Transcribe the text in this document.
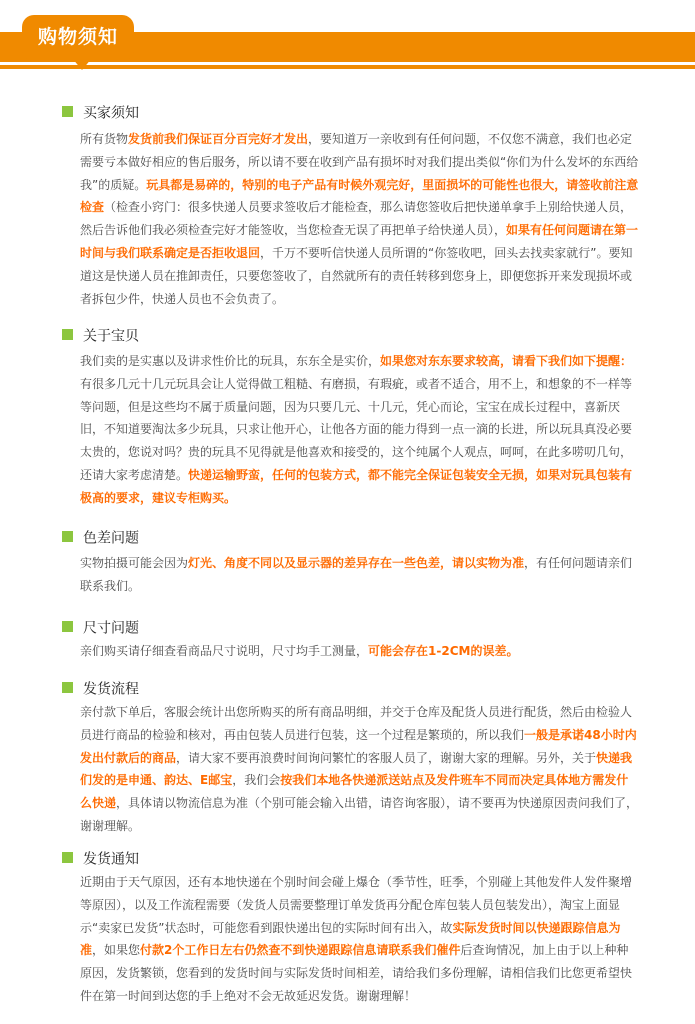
购物须知
买家须知
所有货物发货前我们保证百分百完好才发出，要知道万一亲收到有任何问题，不仅您不满意，我们也必定需要亏本做好相应的售后服务，所以请不要在收到产品有损坏时对我们提出类似“你们为什么发坏的东西给我”的质疑。玩具都是易碎的，特别的电子产品有时候外观完好，里面损坏的可能性也很大，请签收前注意检查（检查小窍门：很多快递人员要求签收后才能检查，那么请您签收后把快递单拿手上别给快递人员，然后告诉他们我必须检查完好才能签收，当您检查无误了再把单子给快递人员），如果有任何问题请在第一时间与我们联系确定是否拒收退回，千万不要听信快递人员所谓的“你签收吧，回头去找卖家就行”。要知道这是快递人员在推卸责任，只要您签收了，自然就所有的责任转移到您身上，即便您拆开来发现损坏或者拆包少件，快递人员也不会负责了。
关于宝贝
我们卖的是实惠以及讲求性价比的玩具，东东全是实价，如果您对东东要求较高，请看下我们如下提醒：有很多几元十几元玩具会让人觉得做工粗糙、有磨损，有瑕疵，或者不适合，用不上，和想象的不一样等等问题，但是这些均不属于质量问题，因为只要几元、十几元，凭心而论，宝宝在成长过程中，喜新厌旧，不知道要淘汰多少玩具，只求让他开心，让他各方面的能力得到一点一滴的长进，所以玩具真没必要太贵的，您说对吗？贵的玩具不见得就是他喜欢和接受的，这个纯属个人观点，呵呵，在此多唠叨几句，还请大家考虑清楚。快递运输野蛮，任何的包装方式，都不能完全保证包装安全无损，如果对玩具包装有极高的要求，建议专柜购买。
色差问题
实物拍摄可能会因为灯光、角度不同以及显示器的差异存在一些色差，请以实物为准，有任何问题请亲们联系我们。
尺寸问题
亲们购买请仔细查看商品尺寸说明，尺寸均手工测量，可能会存在1-2CM的误差。
发货流程
亲付款下单后，客服会统计出您所购买的所有商品明细，并交于仓库及配货人员进行配货，然后由检验人员进行商品的检验和核对，再由包装人员进行包装，这一个过程是繁琐的，所以我们一般是承诺48小时内发出付款后的商品，请大家不要再浪费时间询问繁忙的客服人员了，谢谢大家的理解。另外，关于快递我们发的是申通、韵达、E邮宝，我们会按我们本地各快递派送站点及发件班车不同而决定具体地方需发什么快递，具体请以物流信息为准（个别可能会输入出错，请咨询客服），请不要再为快递原因责问我们了，谢谢理解。
发货通知
近期由于天气原因，还有本地快递在个别时间会碰上爆仓（季节性，旺季，个别碰上其他发件人发件聚增等原因），以及工作流程需要（发货人员需要整理订单发货再分配仓库包装人员包装发出），淘宝上面显示“卖家已发货”状态时，可能您看到跟快递出包的实际时间有出入，故实际发货时间以快递跟踪信息为准，如果您付款2个工作日左右仍然查不到快递跟踪信息请联系我们催件后查询情况，加上由于以上种种原因，发货繁锁，您看到的发货时间与实际发货时间相差，请给我们多份理解，请相信我们比您更希望快件在第一时间到达您的手上绝对不会无故延迟发货。谢谢理解！
